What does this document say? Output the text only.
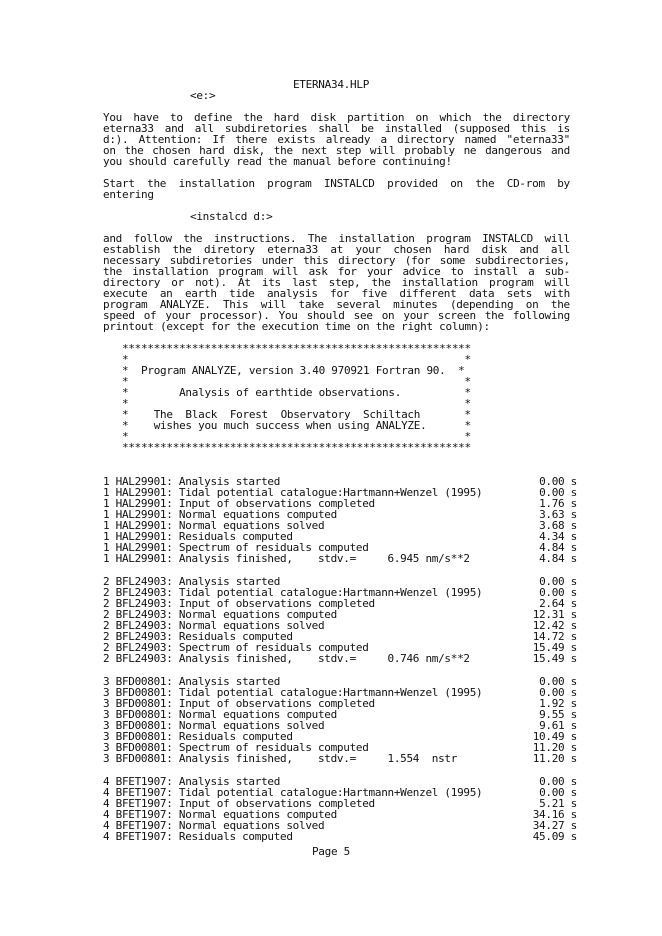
ETERNA34.HLP
<e:>
You have to define the hard disk partition on which the directory
eterna33 and all subdiretories shall be installed (supposed this is
d:). Attention: If there exists already a directory named "eterna33"
on the chosen hard disk, the next step will probably ne dangerous and
you should carefully read the manual before continuing!
Start the installation program INSTALCD provided on the CD-rom by
entering
<instalcd d:>
and follow the instructions. The installation program INSTALCD will
establish the diretory eterna33 at your chosen hard disk and all
necessary subdiretories under this directory (for some subdirectories,
the installation program will ask for your advice to install a sub-
directory or not). At its last step, the installation program will
execute an earth tide analysis for five different data sets with
program ANALYZE. This will take several minutes (depending on the
speed of your processor). You should see on your screen the following
printout (except for the execution time on the right column):
*******************************************************
*                                                     *
*  Program ANALYZE, version 3.40 970921 Fortran 90.  *
*                                                     *
*        Analysis of earthtide observations.          *
*                                                     *
*    The  Black  Forest  Observatory  Schiltach       *
*    wishes you much success when using ANALYZE.      *
*                                                     *
*******************************************************
1 HAL29901: Analysis started	0.00 s
1 HAL29901: Tidal potential catalogue:Hartmann+Wenzel (1995)	0.00 s
1 HAL29901: Input of observations completed	1.76 s
1 HAL29901: Normal equations computed	3.63 s
1 HAL29901: Normal equations solved	3.68 s
1 HAL29901: Residuals computed	4.34 s
1 HAL29901: Spectrum of residuals computed	4.84 s
1 HAL29901: Analysis finished,    stdv.=     6.945 nm/s**2	4.84 s
2 BFL24903: Analysis started	0.00 s
2 BFL24903: Tidal potential catalogue:Hartmann+Wenzel (1995)	0.00 s
2 BFL24903: Input of observations completed	2.64 s
2 BFL24903: Normal equations computed	12.31 s
2 BFL24903: Normal equations solved	12.42 s
2 BFL24903: Residuals computed	14.72 s
2 BFL24903: Spectrum of residuals computed	15.49 s
2 BFL24903: Analysis finished,    stdv.=     0.746 nm/s**2	15.49 s
3 BFD00801: Analysis started	0.00 s
3 BFD00801: Tidal potential catalogue:Hartmann+Wenzel (1995)	0.00 s
3 BFD00801: Input of observations completed	1.92 s
3 BFD00801: Normal equations computed	9.55 s
3 BFD00801: Normal equations solved	9.61 s
3 BFD00801: Residuals computed	10.49 s
3 BFD00801: Spectrum of residuals computed	11.20 s
3 BFD00801: Analysis finished,    stdv.=     1.554  nstr	11.20 s
4 BFET1907: Analysis started	0.00 s
4 BFET1907: Tidal potential catalogue:Hartmann+Wenzel (1995)	0.00 s
4 BFET1907: Input of observations completed	5.21 s
4 BFET1907: Normal equations computed	34.16 s
4 BFET1907: Normal equations solved	34.27 s
4 BFET1907: Residuals computed	45.09 s
Page 5
